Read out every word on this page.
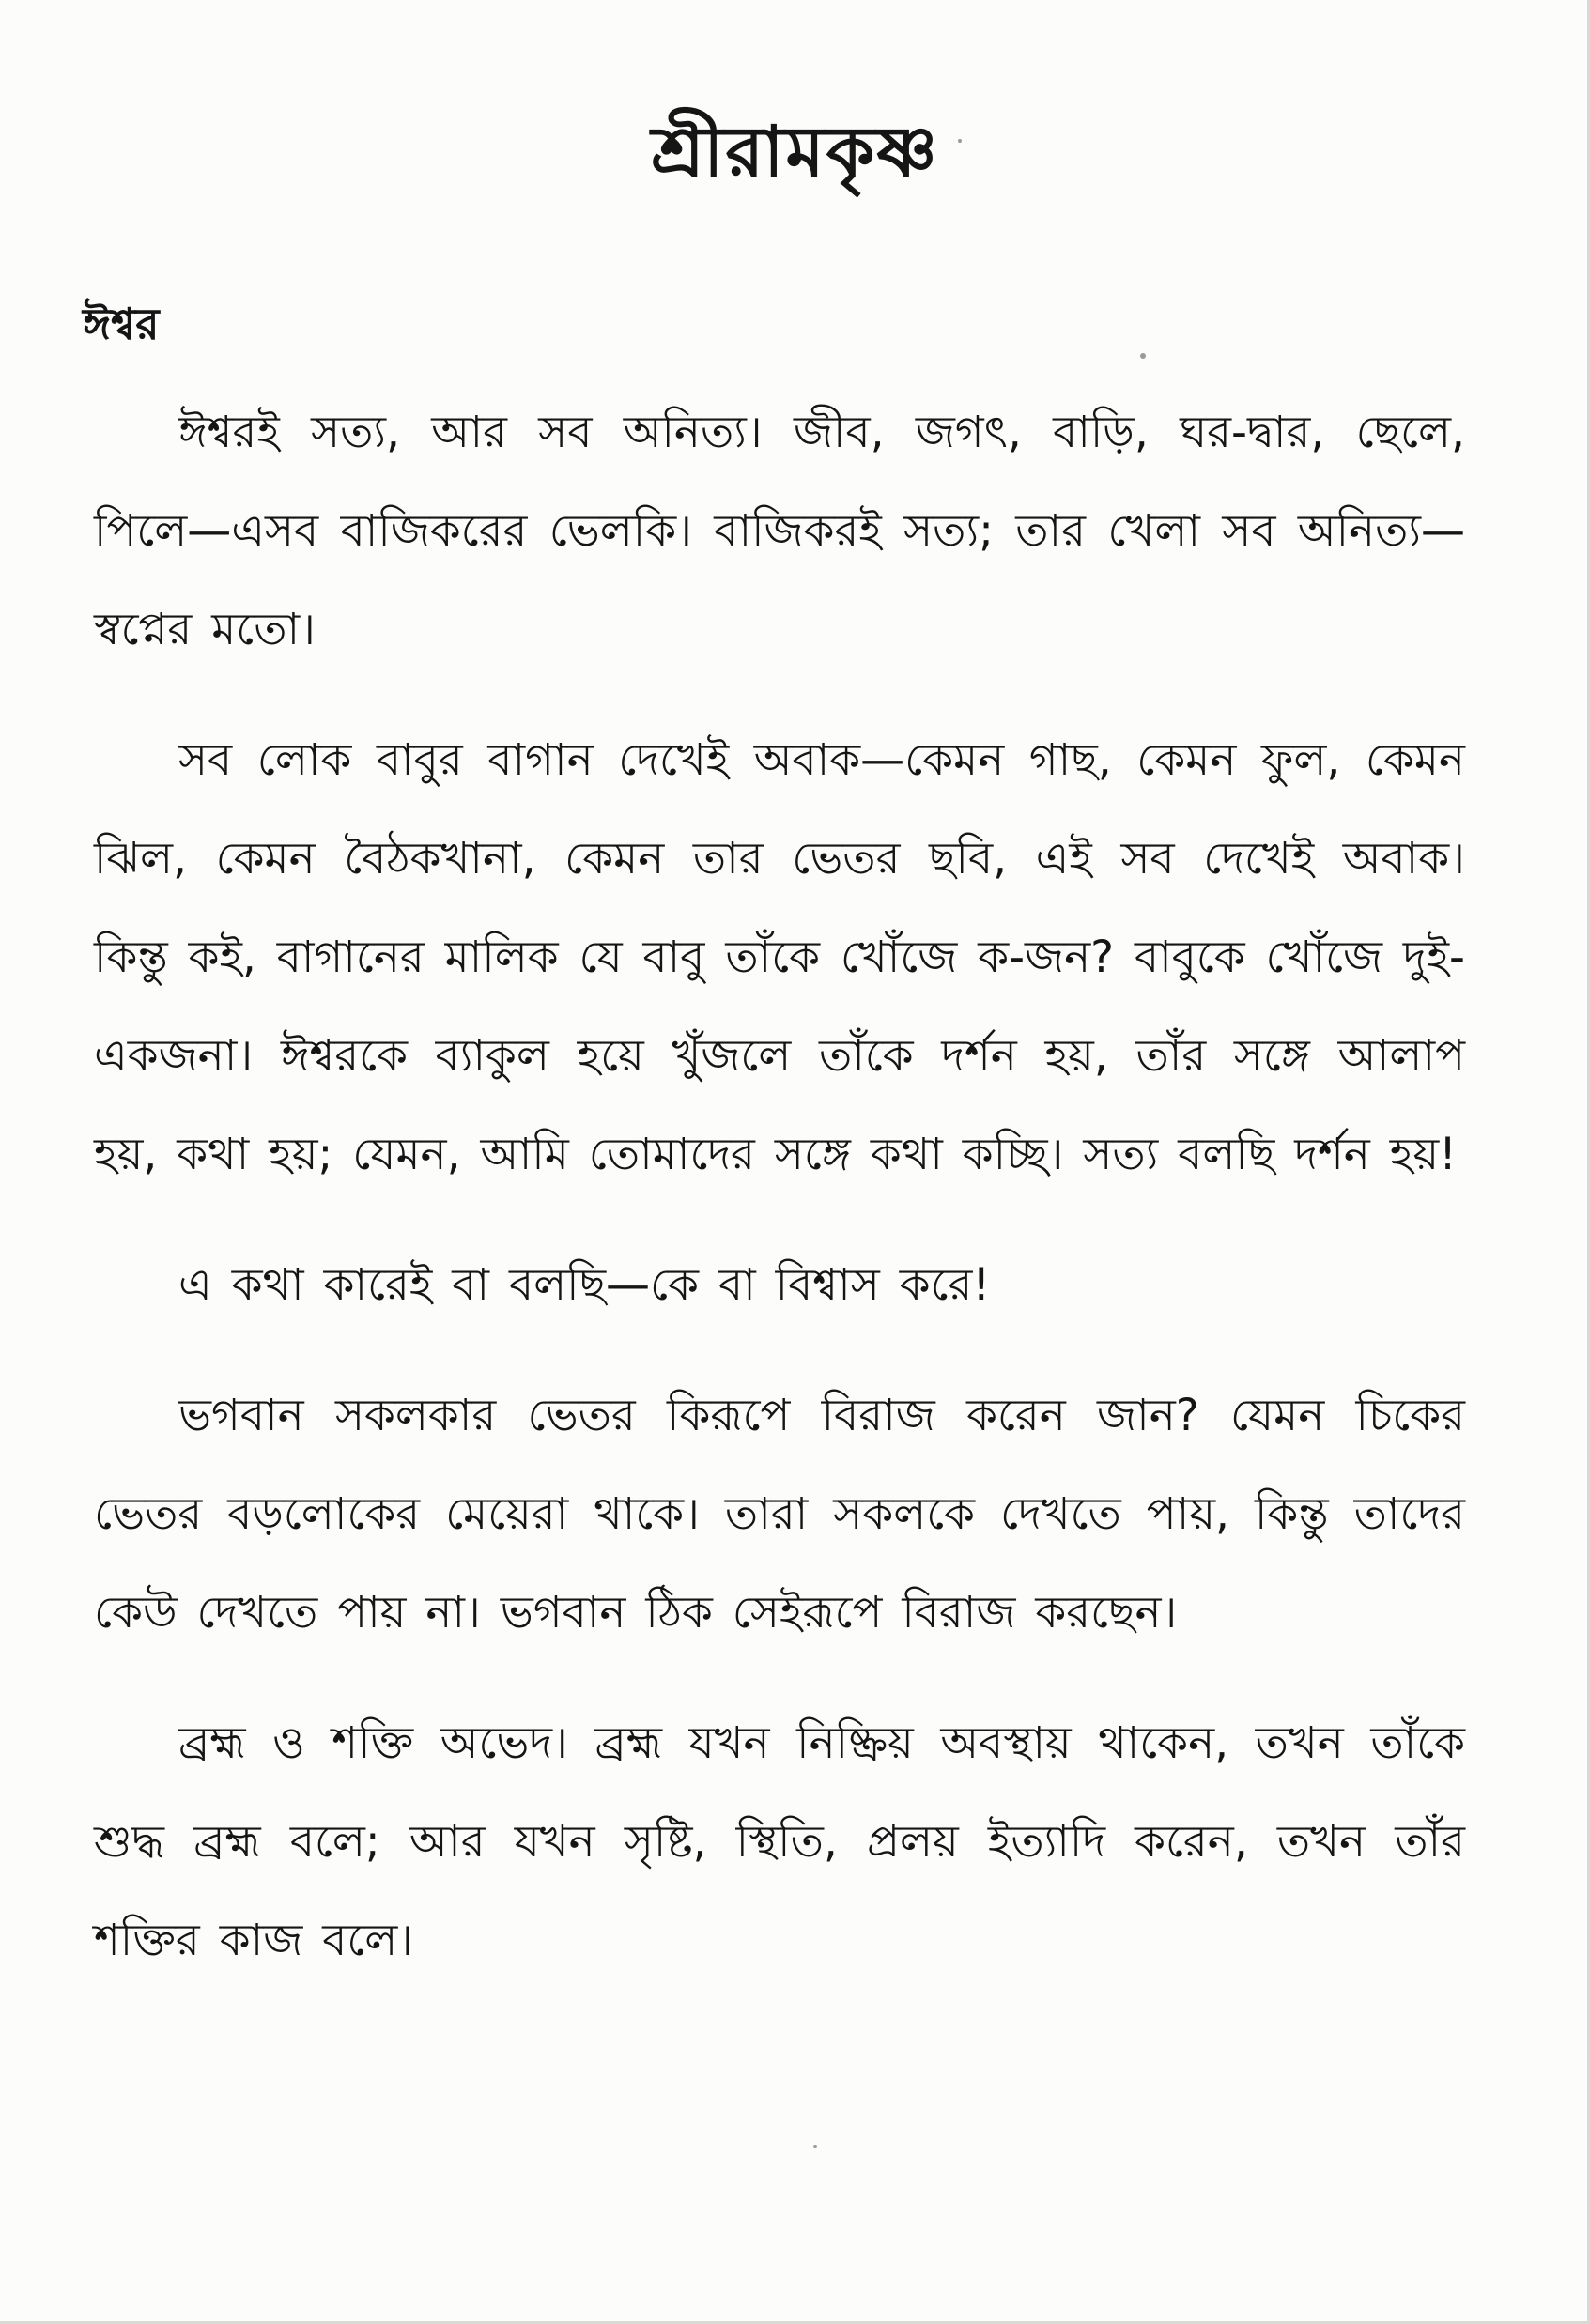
শ্রীরামকৃষ্ণ
ঈশ্বর

ঈশ্বরই সত্য, আর সব অনিত্য। জীব, জগৎ, বাড়ি, ঘর-দ্বার, ছেলে, পিলে—এসব বাজিকরের ভেলকি। বাজিকরই সত্য; তার খেলা সব অনিত্য—স্বপ্নের মতো।

সব লোক বাবুর বাগান দেখেই অবাক—কেমন গাছ, কেমন ফুল, কেমন ঝিল, কেমন বৈঠকখানা, কেমন তার ভেতর ছবি, এই সব দেখেই অবাক। কিন্তু কই, বাগানের মালিক যে বাবু তাঁকে খোঁজে ক-জন? বাবুকে খোঁজে দুই-একজনা। ঈশ্বরকে ব্যাকুল হয়ে খুঁজলে তাঁকে দর্শন হয়, তাঁর সঙ্গে আলাপ হয়, কথা হয়; যেমন, আমি তোমাদের সঙ্গে কথা কচ্ছি। সত্য বলছি দর্শন হয়!

এ কথা কারেই বা বলছি—কে বা বিশ্বাস করে!

ভগবান সকলকার ভেতর কিরূপে বিরাজ করেন জান? যেমন চিকের ভেতর বড়লোকের মেয়েরা থাকে। তারা সকলকে দেখতে পায়, কিন্তু তাদের কেউ দেখতে পায় না। ভগবান ঠিক সেইরূপে বিরাজ করছেন।

ব্রহ্ম ও শক্তি অভেদ। ব্রহ্ম যখন নিষ্ক্রিয় অবস্থায় থাকেন, তখন তাঁকে শুদ্ধ ব্রহ্ম বলে; আর যখন সৃষ্টি, স্থিতি, প্রলয় ইত্যাদি করেন, তখন তাঁর শক্তির কাজ বলে।
